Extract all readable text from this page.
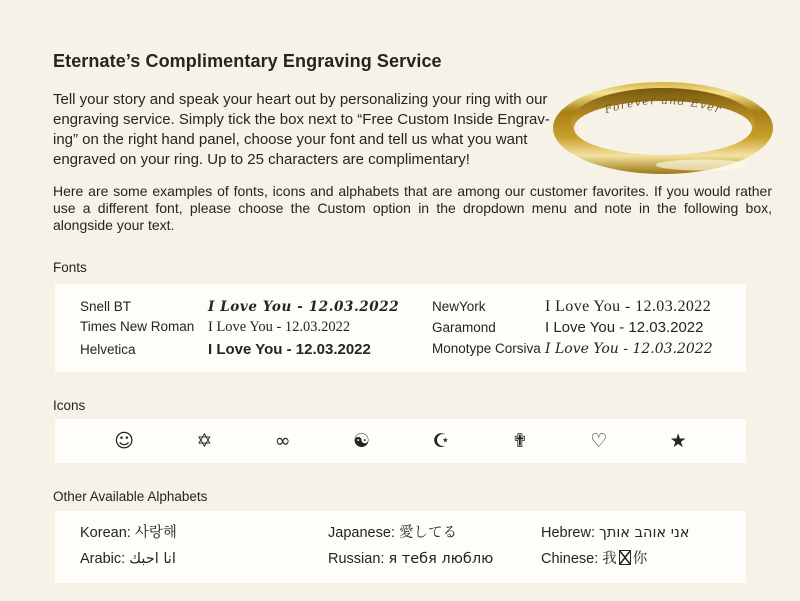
Eternate’s Complimentary Engraving Service
Tell your story and speak your heart out by personalizing your ring with our
engraving service. Simply tick the box next to “Free Custom Inside Engrav-
ing” on the right hand panel, choose your font and tell us what you want
engraved on your ring. Up to 25 characters are complimentary!
Forever and Ever

Here are some examples of fonts, icons and alphabets that are among our customer favorites. If you would rather use a different font, please choose the Custom option in the dropdown menu and note in the following box, alongside your text.

Fonts
Snell BT	I Love You - 12.03.2022
Times New Roman I Love You - 12.03.2022
Helvetica	I Love You - 12.03.2022
NewYork	I Love You - 12.03.2022
Garamond	I Love You - 12.03.2022
Monotype Corsiva I Love You - 12.03.2022
Icons
☺	✡	∞	☯	☪	✟	♡	★
Other Available Alphabets
Korean: 사랑해	Japanese: 愛してる	Hebrew: אני אוהב אותך
Arabic: انا احبك	Russian: я тебя люблю	Chinese: 我 你
